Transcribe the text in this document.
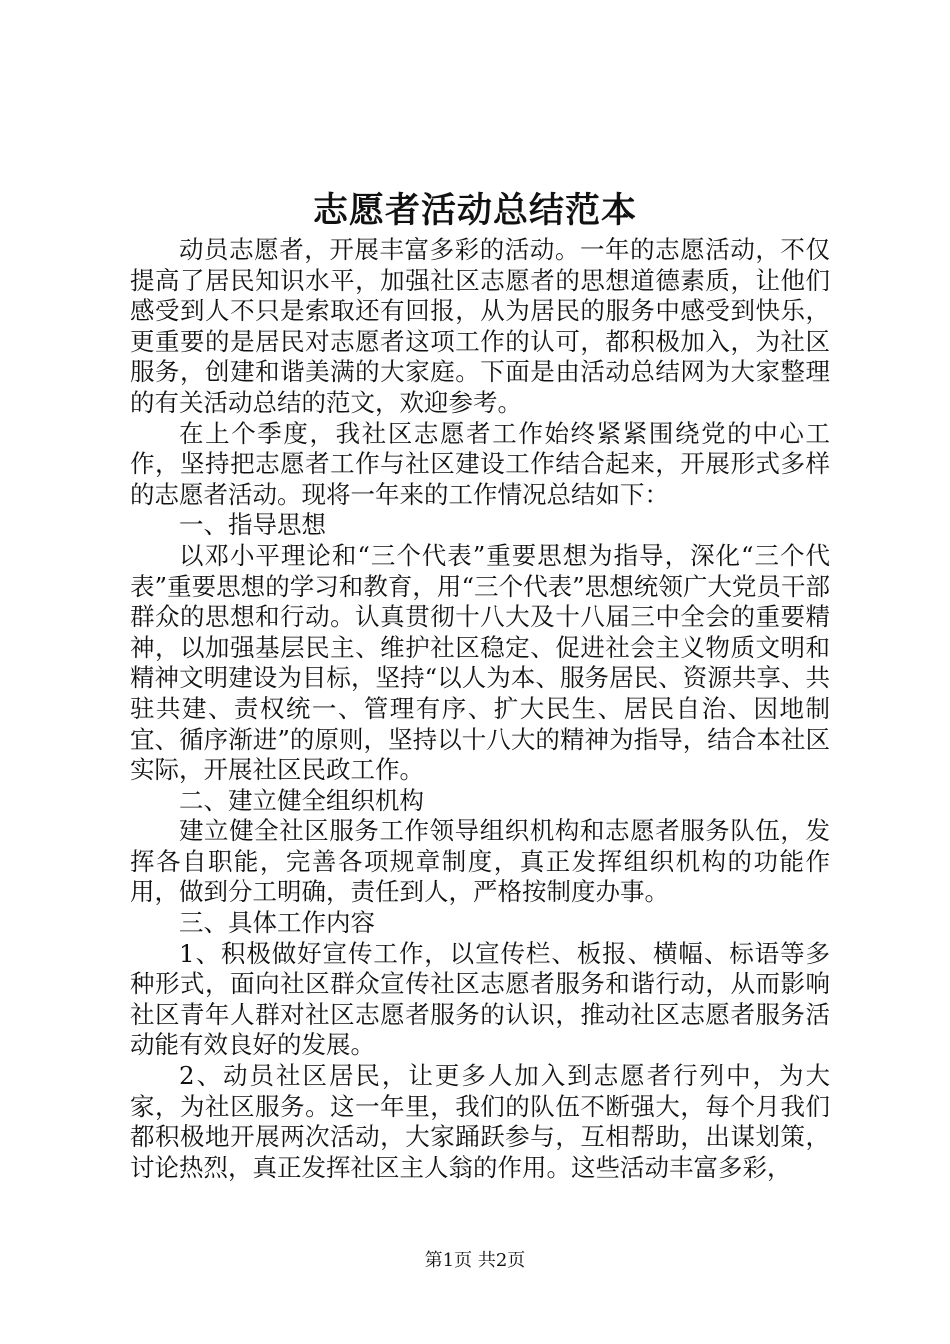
志愿者活动总结范本

动员志愿者，开展丰富多彩的活动。一年的志愿活动，不仅提高了居民知识水平，加强社区志愿者的思想道德素质，让他们感受到人不只是索取还有回报，从为居民的服务中感受到快乐，更重要的是居民对志愿者这项工作的认可，都积极加入，为社区服务，创建和谐美满的大家庭。下面是由活动总结网为大家整理的有关活动总结的范文，欢迎参考。

在上个季度，我社区志愿者工作始终紧紧围绕党的中心工作，坚持把志愿者工作与社区建设工作结合起来，开展形式多样的志愿者活动。现将一年来的工作情况总结如下：

一、指导思想

以邓小平理论和“三个代表”重要思想为指导，深化“三个代表”重要思想的学习和教育，用“三个代表”思想统领广大党员干部群众的思想和行动。认真贯彻十八大及十八届三中全会的重要精神，以加强基层民主、维护社区稳定、促进社会主义物质文明和精神文明建设为目标，坚持“以人为本、服务居民、资源共享、共驻共建、责权统一、管理有序、扩大民生、居民自治、因地制宜、循序渐进”的原则，坚持以十八大的精神为指导，结合本社区实际，开展社区民政工作。

二、建立健全组织机构

建立健全社区服务工作领导组织机构和志愿者服务队伍，发挥各自职能，完善各项规章制度，真正发挥组织机构的功能作用，做到分工明确，责任到人，严格按制度办事。

三、具体工作内容

1、积极做好宣传工作，以宣传栏、板报、横幅、标语等多种形式，面向社区群众宣传社区志愿者服务和谐行动，从而影响社区青年人群对社区志愿者服务的认识，推动社区志愿者服务活动能有效良好的发展。

2、动员社区居民，让更多人加入到志愿者行列中，为大家，为社区服务。这一年里，我们的队伍不断强大，每个月我们都积极地开展两次活动，大家踊跃参与，互相帮助，出谋划策，讨论热烈，真正发挥社区主人翁的作用。这些活动丰富多彩，

第1页 共2页
